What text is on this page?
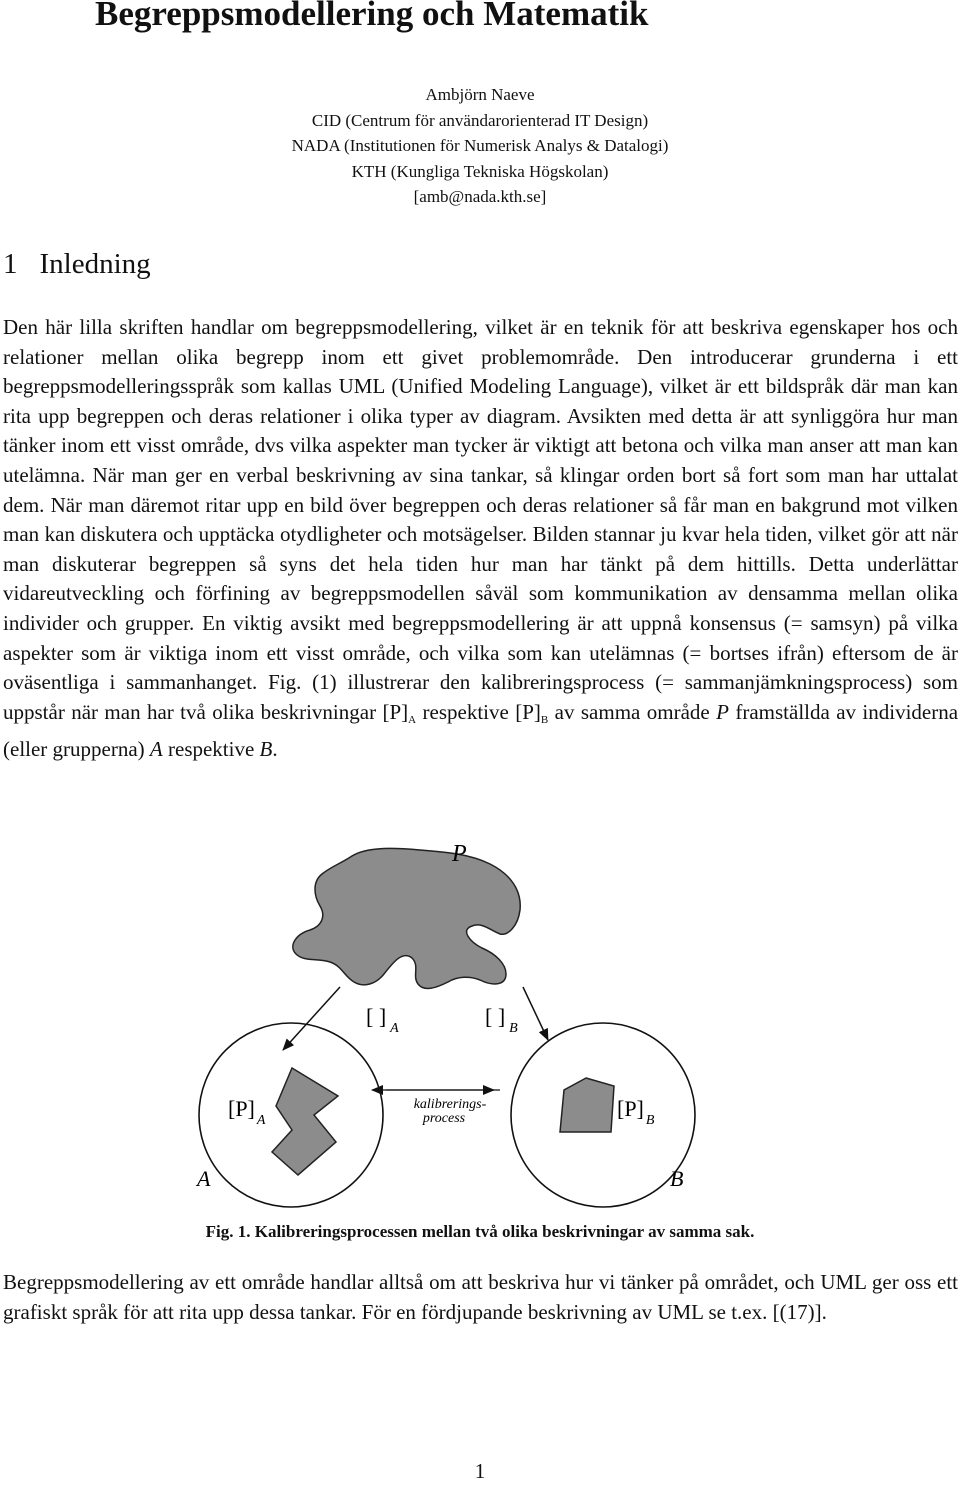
Begreppsmodellering och Matematik
Ambjörn Naeve
CID (Centrum för användarorienterad IT Design)
NADA (Institutionen för Numerisk Analys & Datalogi)
KTH (Kungliga Tekniska Högskolan)
[amb@nada.kth.se]
1 Inledning
Den här lilla skriften handlar om begreppsmodellering, vilket är en teknik för att beskriva egenskaper hos och relationer mellan olika begrepp inom ett givet problemområde. Den introducerar grunderna i ett begreppsmodelleringsspråk som kallas UML (Unified Modeling Language), vilket är ett bildspråk där man kan rita upp begreppen och deras relationer i olika typer av diagram. Avsikten med detta är att synliggöra hur man tänker inom ett visst område, dvs vilka aspekter man tycker är viktigt att betona och vilka man anser att man kan utelämna. När man ger en verbal beskrivning av sina tankar, så klingar orden bort så fort som man har uttalat dem. När man däremot ritar upp en bild över begreppen och deras relationer så får man en bakgrund mot vilken man kan diskutera och upptäcka otydligheter och motsägelser. Bilden stannar ju kvar hela tiden, vilket gör att när man diskuterar begreppen så syns det hela tiden hur man har tänkt på dem hittills. Detta underlättar vidareutveckling och förfining av begreppsmodellen såväl som kommunikation av densamma mellan olika individer och grupper. En viktig avsikt med begreppsmodellering är att uppnå konsensus (= samsyn) på vilka aspekter som är viktiga inom ett visst område, och vilka som kan utelämnas (= bortses ifrån) eftersom de är oväsentliga i sammanhanget. Fig. (1) illustrerar den kalibreringsprocess (= sammanjämkningsprocess) som uppstår när man har två olika beskrivningar $[P]_A$ respektive $[P]_B$ av samma område P framställda av individerna (eller grupperna) A respektive B.
P
[ ] $_A$	[ ] $_B$
[P] $_A$	[P] $_B$
kalibrerings-
process
A	B
Fig. 1. Kalibreringsprocessen mellan två olika beskrivningar av samma sak.
Begreppsmodellering av ett område handlar alltså om att beskriva hur vi tänker på området, och UML ger oss ett grafiskt språk för att rita upp dessa tankar. För en fördjupande beskrivning av UML se t.ex. [(17)].
1
